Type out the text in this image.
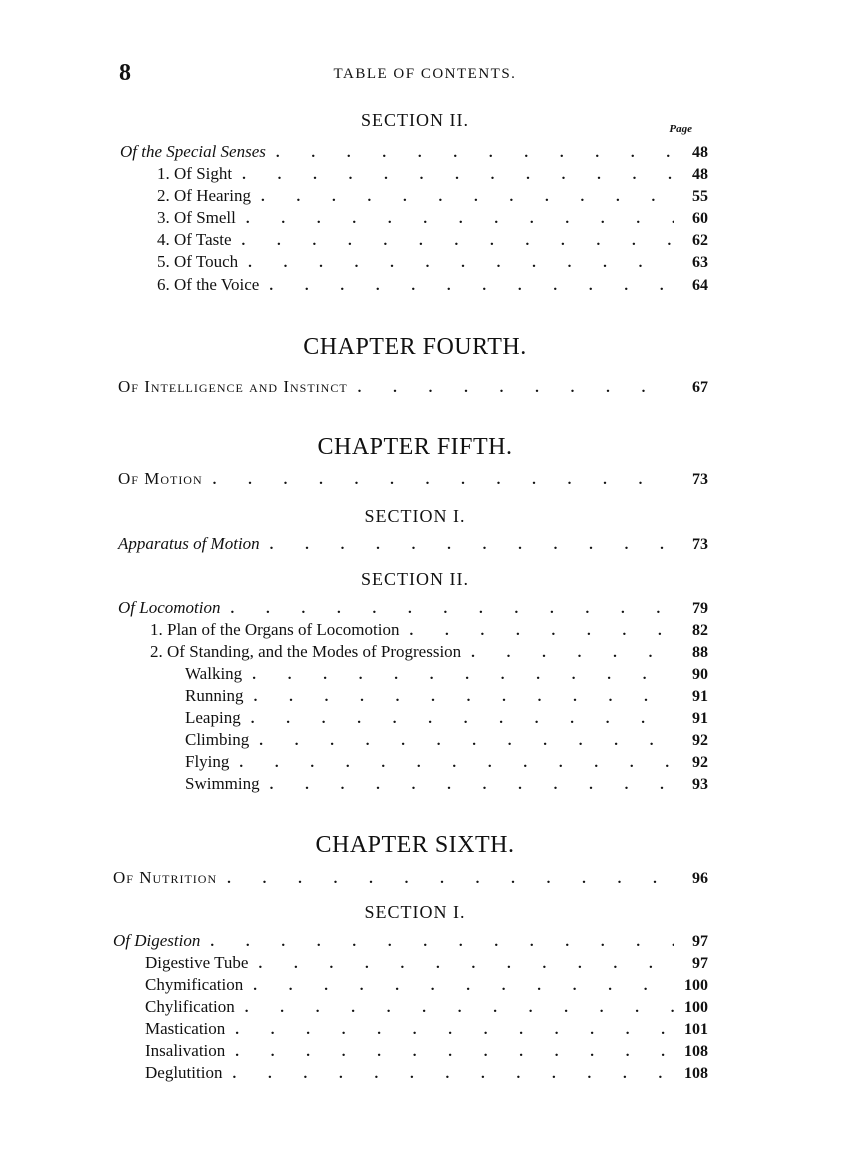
8	TABLE OF CONTENTS.
SECTION II.	Page
Of the Special Senses . . .	48
1. Of Sight . . .	48
2. Of Hearing . . .	55
3. Of Smell . . .	60
4. Of Taste . . .	62
5. Of Touch . . .	63
6. Of the Voice . . .	64
CHAPTER FOURTH.
Of Intelligence and Instinct . . .	67
CHAPTER FIFTH.
Of Motion . . .	73
SECTION I.
Apparatus of Motion . . .	73
SECTION II.
Of Locomotion . . .	79
1. Plan of the Organs of Locomotion . . .	82
2. Of Standing, and the Modes of Progression . . .	88
Walking . . .	90
Running . . .	91
Leaping . . .	91
Climbing . . .	92
Flying . . .	92
Swimming . . .	93
CHAPTER SIXTH.
Of Nutrition . . .	96
SECTION I.
Of Digestion . . .	97
Digestive Tube . . .	97
Chymification . . .	100
Chylification . . .	100
Mastication . . .	101
Insalivation . . .	108
Deglutition . . .	108
